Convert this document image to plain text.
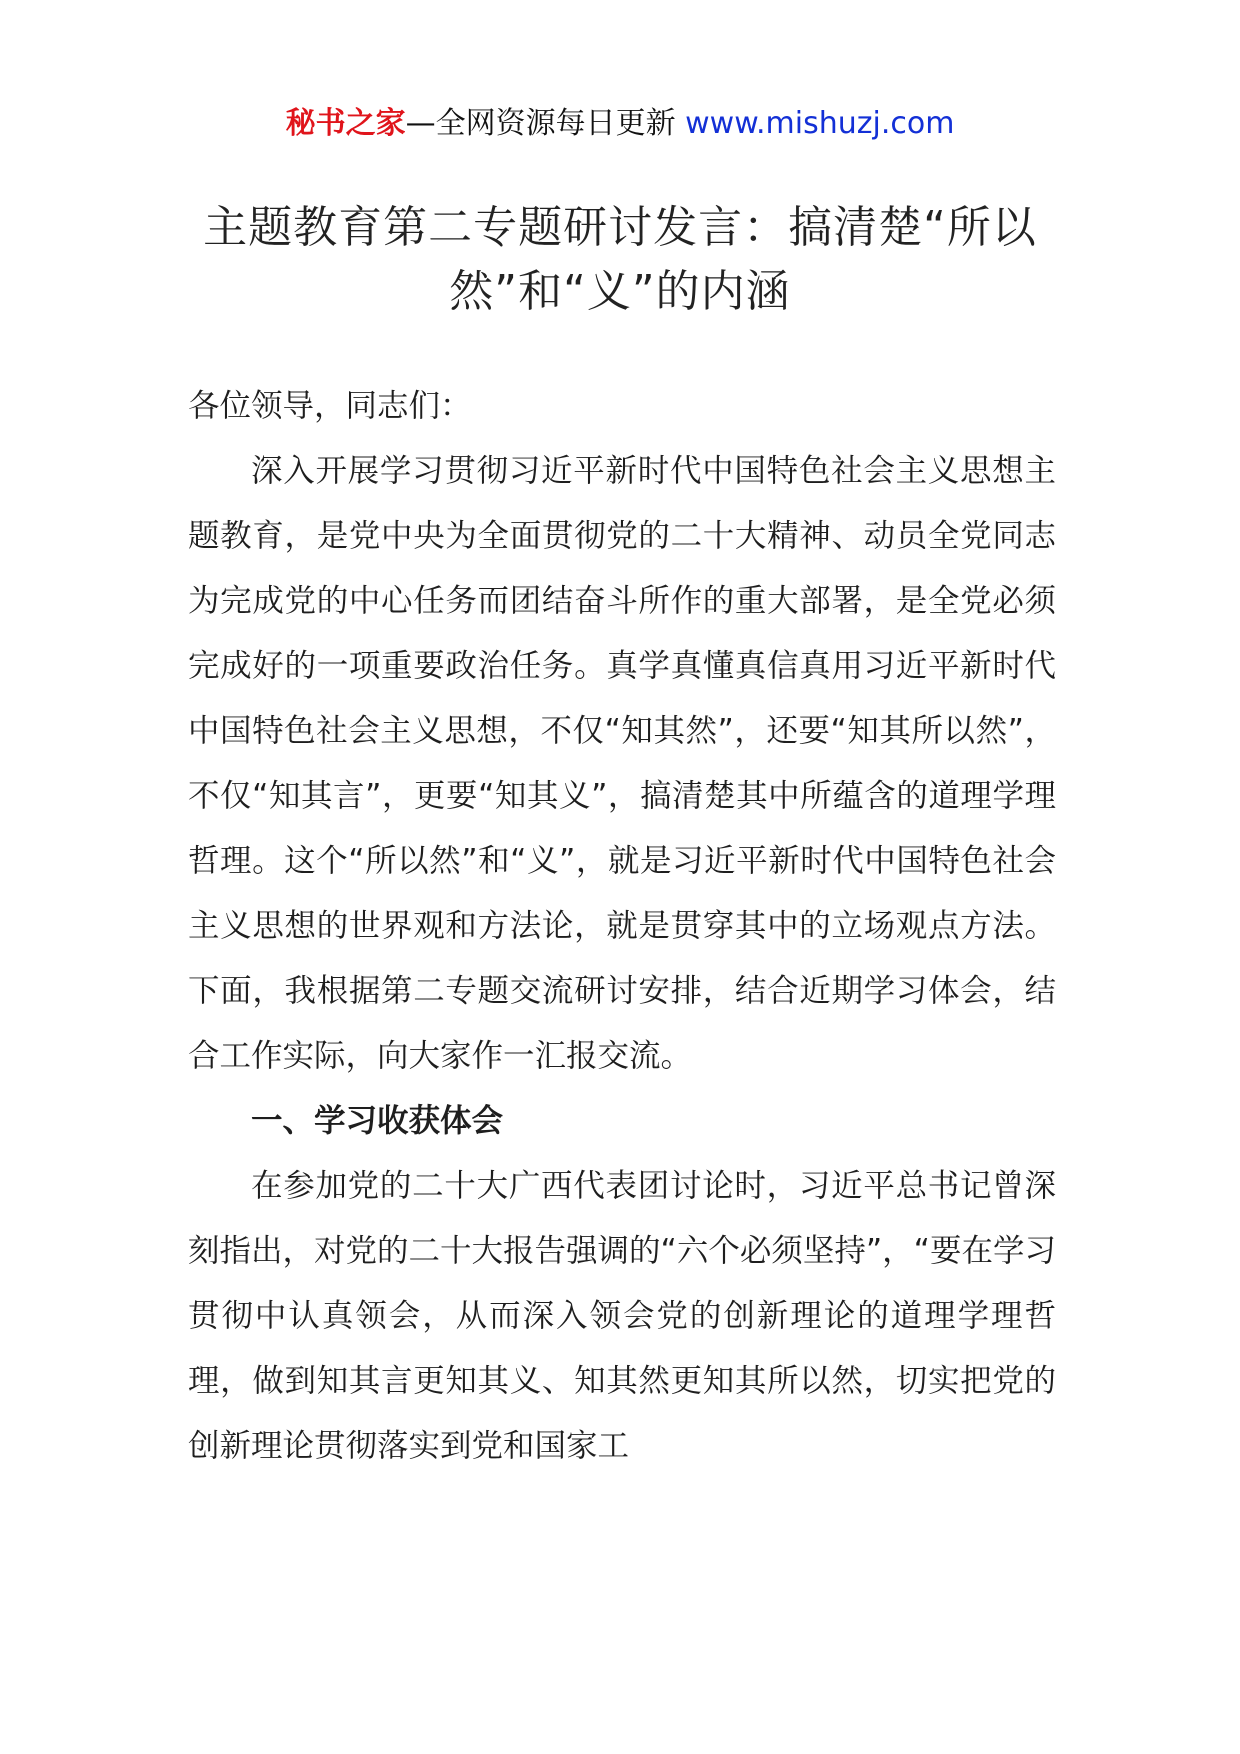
秘书之家—全网资源每日更新 www.mishuzj.com
主题教育第二专题研讨发言：搞清楚“所以然”和“义”的内涵

各位领导，同志们：

深入开展学习贯彻习近平新时代中国特色社会主义思想主题教育，是党中央为全面贯彻党的二十大精神、动员全党同志为完成党的中心任务而团结奋斗所作的重大部署，是全党必须完成好的一项重要政治任务。真学真懂真信真用习近平新时代中国特色社会主义思想，不仅“知其然”，还要“知其所以然”，不仅“知其言”，更要“知其义”，搞清楚其中所蕴含的道理学理哲理。这个“所以然”和“义”，就是习近平新时代中国特色社会主义思想的世界观和方法论，就是贯穿其中的立场观点方法。下面，我根据第二专题交流研讨安排，结合近期学习体会，结合工作实际，向大家作一汇报交流。

一、学习收获体会

在参加党的二十大广西代表团讨论时，习近平总书记曾深刻指出，对党的二十大报告强调的“六个必须坚持”，“要在学习贯彻中认真领会，从而深入领会党的创新理论的道理学理哲理，做到知其言更知其义、知其然更知其所以然，切实把党的创新理论贯彻落实到党和国家工
